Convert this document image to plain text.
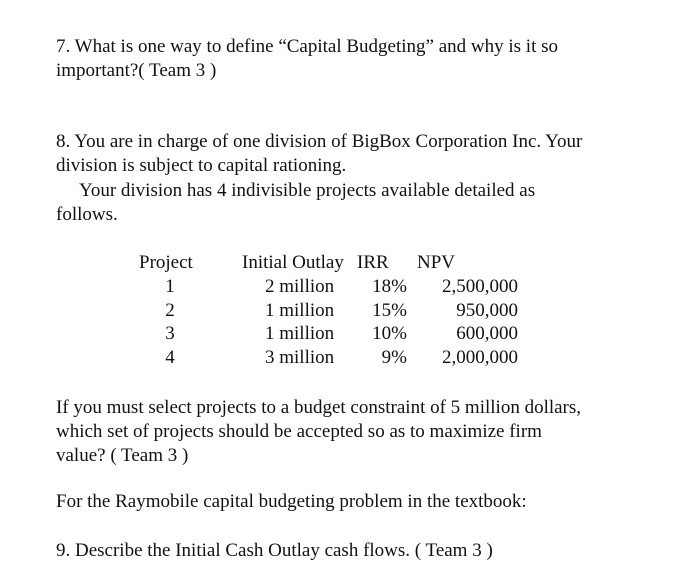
7. What is one way to define “Capital Budgeting” and why is it so
important?( Team 3 )
8. You are in charge of one division of BigBox Corporation Inc. Your
division is subject to capital rationing.
Your division has 4 indivisible projects available detailed as
follows.
Project	Initial Outlay IRR NPV
1	2 million 18% 2,500,000
2	1 million 15%	950,000
3	1 million 10%	600,000
4	3 million	9% 2,000,000
If you must select projects to a budget constraint of 5 million dollars,
which set of projects should be accepted so as to maximize firm
value? ( Team 3 )
For the Raymobile capital budgeting problem in the textbook:
9. Describe the Initial Cash Outlay cash flows. ( Team 3 )
